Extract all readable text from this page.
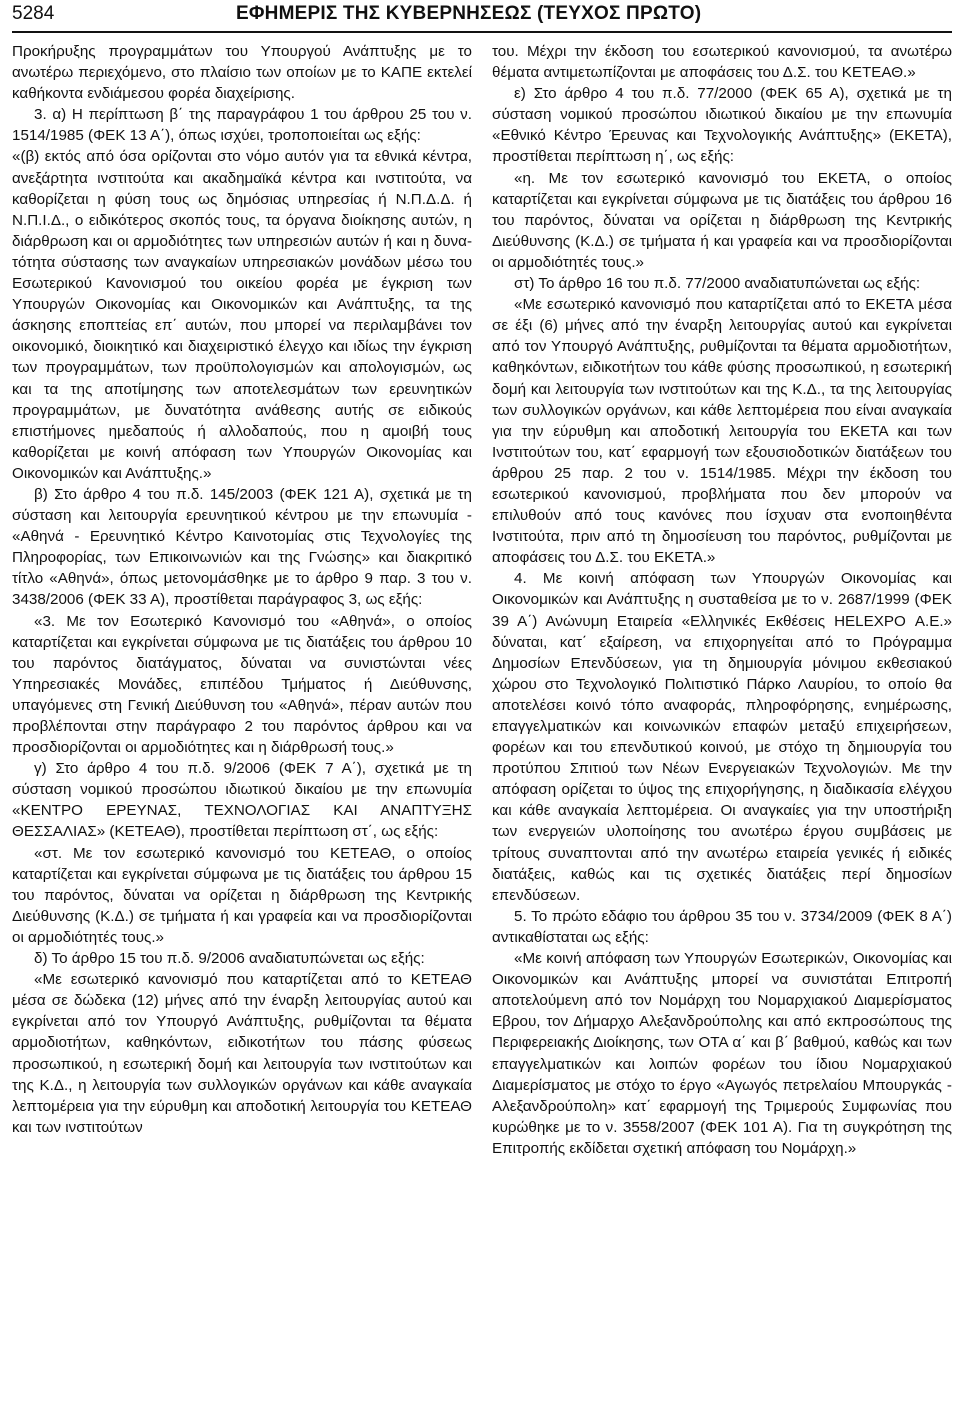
5284	ΕΦΗΜΕΡΙΣ ΤΗΣ ΚΥΒΕΡΝΗΣΕΩΣ (ΤΕΥΧΟΣ ΠΡΩΤΟ)

Προκήρυξης προγραμμάτων του Υπουργού Ανάπτυξης με το ανωτέρω περιεχόμενο, στο πλαίσιο των οποίων με το ΚΑΠΕ εκτελεί καθήκοντα ενδιάμεσου φορέα διαχείρισης.

3. α) Η περίπτωση β΄ της παραγράφου 1 του άρθρου 25 του ν. 1514/1985 (ΦΕΚ 13 Α΄), όπως ισχύει, τροποποιείται ως εξής:

«(β) εκτός από όσα ορίζονται στο νόμο αυτόν για τα εθνικά κέντρα, ανεξάρτητα ινστιτούτα και ακαδημαϊκά κέντρα και ινστιτούτα, να καθορίζεται η φύση τους ως δημόσιας υπηρεσίας ή Ν.Π.Δ.Δ. ή Ν.Π.Ι.Δ., ο ειδικότερος σκοπός τους, τα όργανα διοίκησης αυτών, η διάρθρωση και οι αρμοδιότητες των υπηρεσιών αυτών ή και η δυνατότητα σύστασης των αναγκαίων υπηρεσιακών μονάδων μέσω του Εσωτερικού Κανονισμού του οικείου φορέα με έγκριση των Υπουργών Οικονομίας και Οικονομικών και Ανάπτυξης, τα της άσκησης εποπτείας επ΄ αυτών, που μπορεί να περιλαμβάνει τον οικονομικό, διοικητικό και διαχειριστικό έλεγχο και ιδίως την έγκριση των προγραμμάτων, των προϋπολογισμών και απολογισμών, ως και τα της αποτίμησης των αποτελεσμάτων των ερευνητικών προγραμμάτων, με δυνατότητα ανάθεσης αυτής σε ειδικούς επιστήμονες ημεδαπούς ή αλλοδαπούς, που η αμοιβή τους καθορίζεται με κοινή απόφαση των Υπουργών Οικονομίας και Οικονομικών και Ανάπτυξης.»

β) Στο άρθρο 4 του π.δ. 145/2003 (ΦΕΚ 121 Α), σχετικά με τη σύσταση και λειτουργία ερευνητικού κέντρου με την επωνυμία - «Αθηνά - Ερευνητικό Κέντρο Καινοτομίας στις Τεχνολογίες της Πληροφορίας, των Επικοινωνιών και της Γνώσης» και διακριτικό τίτλο «Αθηνά», όπως μετονομάσθηκε με το άρθρο 9 παρ. 3 του ν. 3438/2006 (ΦΕΚ 33 Α), προστίθεται παράγραφος 3, ως εξής:

«3. Με τον Εσωτερικό Κανονισμό του «Αθηνά», ο οποίος καταρτίζεται και εγκρίνεται σύμφωνα με τις διατάξεις του άρθρου 10 του παρόντος διατάγματος, δύναται να συνιστώνται νέες Υπηρεσιακές Μονάδες, επιπέδου Τμήματος ή Διεύθυνσης, υπαγόμενες στη Γενική Διεύθυνση του «Αθηνά», πέραν αυτών που προβλέπονται στην παράγραφο 2 του παρόντος άρθρου και να προσδιορίζονται οι αρμοδιότητες και η διάρθρωσή τους.»

γ) Στο άρθρο 4 του π.δ. 9/2006 (ΦΕΚ 7 Α΄), σχετικά με τη σύσταση νομικού προσώπου ιδιωτικού δικαίου με την επωνυμία «ΚΕΝΤΡΟ ΕΡΕΥΝΑΣ, ΤΕΧΝΟΛΟΓΙΑΣ ΚΑΙ ΑΝΑΠΤΥΞΗΣ ΘΕΣΣΑΛΙΑΣ» (ΚΕΤΕΑΘ), προστίθεται περίπτωση στ΄, ως εξής:

«στ. Με τον εσωτερικό κανονισμό του ΚΕΤΕΑΘ, ο οποίος καταρτίζεται και εγκρίνεται σύμφωνα με τις διατάξεις του άρθρου 15 του παρόντος, δύναται να ορίζεται η διάρθρωση της Κεντρικής Διεύθυνσης (Κ.Δ.) σε τμήματα ή και γραφεία και να προσδιορίζονται οι αρμοδιότητές τους.»

δ) Το άρθρο 15 του π.δ. 9/2006 αναδιατυπώνεται ως εξής:

«Με εσωτερικό κανονισμό που καταρτίζεται από το ΚΕΤΕΑΘ μέσα σε δώδεκα (12) μήνες από την έναρξη λειτουργίας αυτού και εγκρίνεται από τον Υπουργό Ανάπτυξης, ρυθμίζονται τα θέματα αρμοδιοτήτων, καθηκόντων, ειδικοτήτων του πάσης φύσεως προσωπικού, η εσωτερική δομή και λειτουργία των ινστιτούτων και της Κ.Δ., η λειτουργία των συλλογικών οργάνων και κάθε αναγκαία λεπτομέρεια για την εύρυθμη και αποδοτική λειτουργία του ΚΕΤΕΑΘ και των ινστιτούτων

του. Μέχρι την έκδοση του εσωτερικού κανονισμού, τα ανωτέρω θέματα αντιμετωπίζονται με αποφάσεις του Δ.Σ. του ΚΕΤΕΑΘ.»

ε) Στο άρθρο 4 του π.δ. 77/2000 (ΦΕΚ 65 Α), σχετικά με τη σύσταση νομικού προσώπου ιδιωτικού δικαίου με την επωνυμία «Εθνικό Κέντρο Έρευνας και Τεχνολογικής Ανάπτυξης» (ΕΚΕΤΑ), προστίθεται περίπτωση η΄, ως εξής:

«η. Με τον εσωτερικό κανονισμό του ΕΚΕΤΑ, ο οποίος καταρτίζεται και εγκρίνεται σύμφωνα με τις διατάξεις του άρθρου 16 του παρόντος, δύναται να ορίζεται η διάρθρωση της Κεντρικής Διεύθυνσης (Κ.Δ.) σε τμήματα ή και γραφεία και να προσδιορίζονται οι αρμοδιότητές τους.»

στ) Το άρθρο 16 του π.δ. 77/2000 αναδιατυπώνεται ως εξής:

«Με εσωτερικό κανονισμό που καταρτίζεται από το ΕΚΕΤΑ μέσα σε έξι (6) μήνες από την έναρξη λειτουργίας αυτού και εγκρίνεται από τον Υπουργό Ανάπτυξης, ρυθμίζονται τα θέματα αρμοδιοτήτων, καθηκόντων, ειδικοτήτων του κάθε φύσης προσωπικού, η εσωτερική δομή και λειτουργία των ινστιτούτων και της Κ.Δ., τα της λειτουργίας των συλλογικών οργάνων, και κάθε λεπτομέρεια που είναι αναγκαία για την εύρυθμη και αποδοτική λειτουργία του ΕΚΕΤΑ και των Ινστιτούτων του, κατ΄ εφαρμογή των εξουσιοδοτικών διατάξεων του άρθρου 25 παρ. 2 του ν. 1514/1985. Μέχρι την έκδοση του εσωτερικού κανονισμού, προβλήματα που δεν μπορούν να επιλυθούν από τους κανόνες που ίσχυαν στα ενοποιηθέντα Ινστιτούτα, πριν από τη δημοσίευση του παρόντος, ρυθμίζονται με αποφάσεις του Δ.Σ. του ΕΚΕΤΑ.»

4. Με κοινή απόφαση των Υπουργών Οικονομίας και Οικονομικών και Ανάπτυξης η συσταθείσα με το ν. 2687/1999 (ΦΕΚ 39 Α΄) Ανώνυμη Εταιρεία «Ελληνικές Εκθέσεις HELEXPO Α.Ε.» δύναται, κατ΄ εξαίρεση, να επιχορηγείται από το Πρόγραμμα Δημοσίων Επενδύσεων, για τη δημιουργία μόνιμου εκθεσιακού χώρου στο Τεχνολογικό Πολιτιστικό Πάρκο Λαυρίου, το οποίο θα αποτελέσει κοινό τόπο αναφοράς, πληροφόρησης, ενημέρωσης, επαγγελματικών και κοινωνικών επαφών μεταξύ επιχειρήσεων, φορέων και του επενδυτικού κοινού, με στόχο τη δημιουργία του προτύπου Σπιτιού των Νέων Ενεργειακών Τεχνολογιών. Με την απόφαση ορίζεται το ύψος της επιχορήγησης, η διαδικασία ελέγχου και κάθε αναγκαία λεπτομέρεια. Οι αναγκαίες για την υποστήριξη των ενεργειών υλοποίησης του ανωτέρω έργου συμβάσεις με τρίτους συναπτονται από την ανωτέρω εταιρεία γενικές ή ειδικές διατάξεις, καθώς και τις σχετικές διατάξεις περί δημοσίων επενδύσεων.

5. Το πρώτο εδάφιο του άρθρου 35 του ν. 3734/2009 (ΦΕΚ 8 Α΄) αντικαθίσταται ως εξής:

«Με κοινή απόφαση των Υπουργών Εσωτερικών, Οικονομίας και Οικονομικών και Ανάπτυξης μπορεί να συνιστάται Επιτροπή αποτελούμενη από τον Νομάρχη του Νομαρχιακού Διαμερίσματος Εβρου, τον Δήμαρχο Αλεξανδρούπολης και από εκπροσώπους της Περιφερειακής Διοίκησης, των ΟΤΑ α΄ και β΄ βαθμού, καθώς και των επαγγελματικών και λοιπών φορέων του ίδιου Νομαρχιακού Διαμερίσματος με στόχο το έργο «Αγωγός πετρελαίου Μπουργκάς - Αλεξανδρούπολη» κατ΄ εφαρμογή της Τριμερούς Συμφωνίας που κυρώθηκε με το ν. 3558/2007 (ΦΕΚ 101 Α). Για τη συγκρότηση της Επιτροπής εκδίδεται σχετική απόφαση του Νομάρχη.»
